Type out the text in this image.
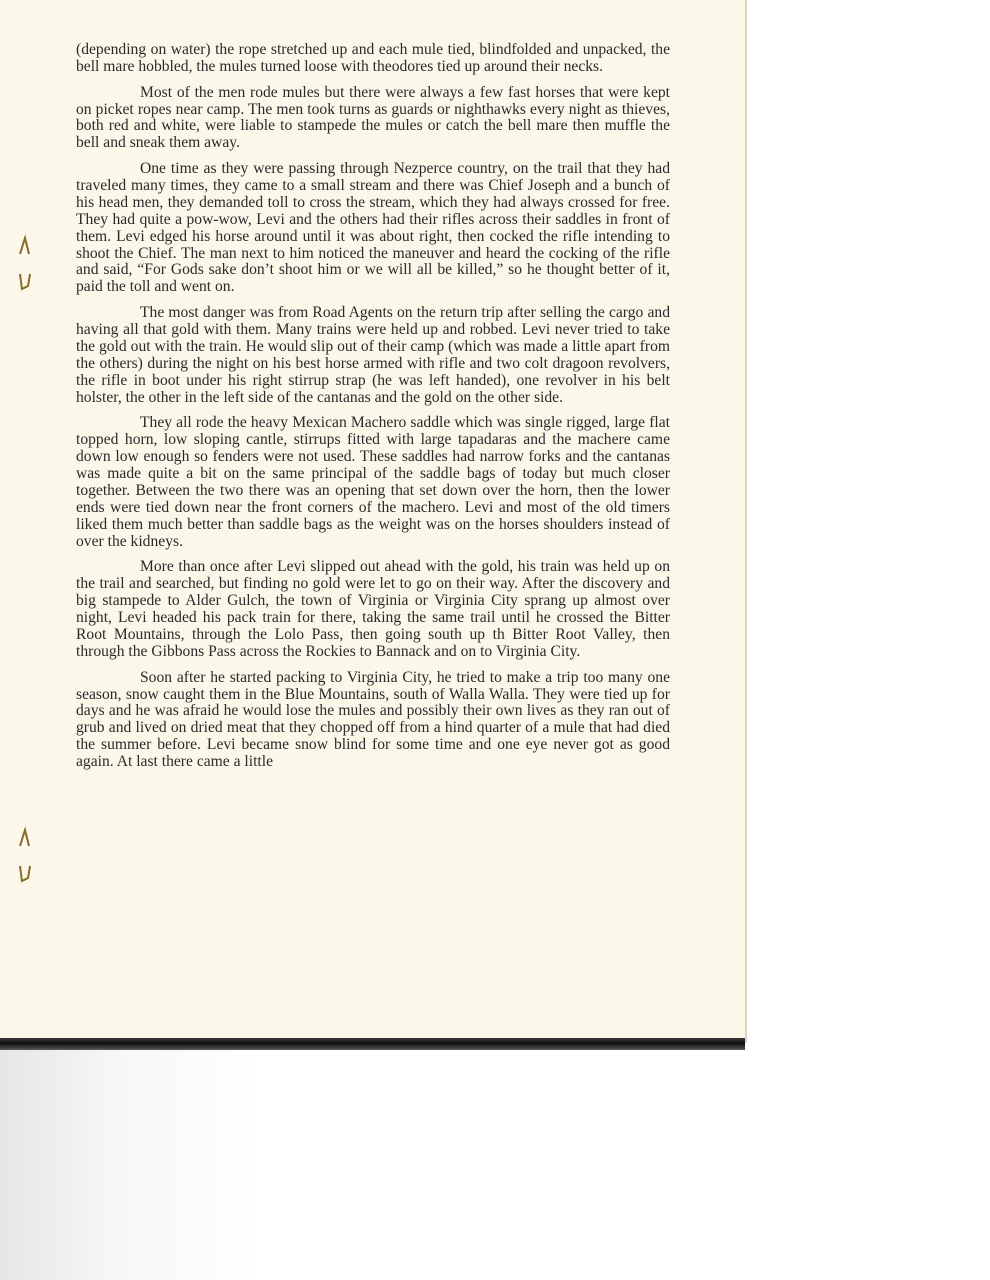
(depending on water) the rope stretched up and each mule tied, blindfolded and unpacked, the bell mare hobbled, the mules turned loose with theodores tied up around their necks.

Most of the men rode mules but there were always a few fast horses that were kept on picket ropes near camp. The men took turns as guards or nighthawks every night as thieves, both red and white, were liable to stampede the mules or catch the bell mare then muffle the bell and sneak them away.

One time as they were passing through Nezperce country, on the trail that they had traveled many times, they came to a small stream and there was Chief Joseph and a bunch of his head men, they demanded toll to cross the stream, which they had always crossed for free. They had quite a pow-wow, Levi and the others had their rifles across their saddles in front of them. Levi edged his horse around until it was about right, then cocked the rifle intending to shoot the Chief. The man next to him noticed the maneuver and heard the cocking of the rifle and said, “For Gods sake don’t shoot him or we will all be killed,” so he thought better of it, paid the toll and went on.

The most danger was from Road Agents on the return trip after selling the cargo and having all that gold with them. Many trains were held up and robbed. Levi never tried to take the gold out with the train. He would slip out of their camp (which was made a little apart from the others) during the night on his best horse armed with rifle and two colt dragoon revolvers, the rifle in boot under his right stirrup strap (he was left handed), one revolver in his belt holster, the other in the left side of the cantanas and the gold on the other side.

They all rode the heavy Mexican Machero saddle which was single rigged, large flat topped horn, low sloping cantle, stirrups fitted with large tapadaras and the machere came down low enough so fenders were not used. These saddles had narrow forks and the cantanas was made quite a bit on the same principal of the saddle bags of today but much closer together. Between the two there was an opening that set down over the horn, then the lower ends were tied down near the front corners of the machero. Levi and most of the old timers liked them much better than saddle bags as the weight was on the horses shoulders instead of over the kidneys.

More than once after Levi slipped out ahead with the gold, his train was held up on the trail and searched, but finding no gold were let to go on their way. After the discovery and big stampede to Alder Gulch, the town of Virginia or Virginia City sprang up almost over night, Levi headed his pack train for there, taking the same trail until he crossed the Bitter Root Mountains, through the Lolo Pass, then going south up th Bitter Root Valley, then through the Gibbons Pass across the Rockies to Bannack and on to Virginia City.

Soon after he started packing to Virginia City, he tried to make a trip too many one season, snow caught them in the Blue Mountains, south of Walla Walla. They were tied up for days and he was afraid he would lose the mules and possibly their own lives as they ran out of grub and lived on dried meat that they chopped off from a hind quarter of a mule that had died the summer before. Levi became snow blind for some time and one eye never got as good again. At last there came a little
